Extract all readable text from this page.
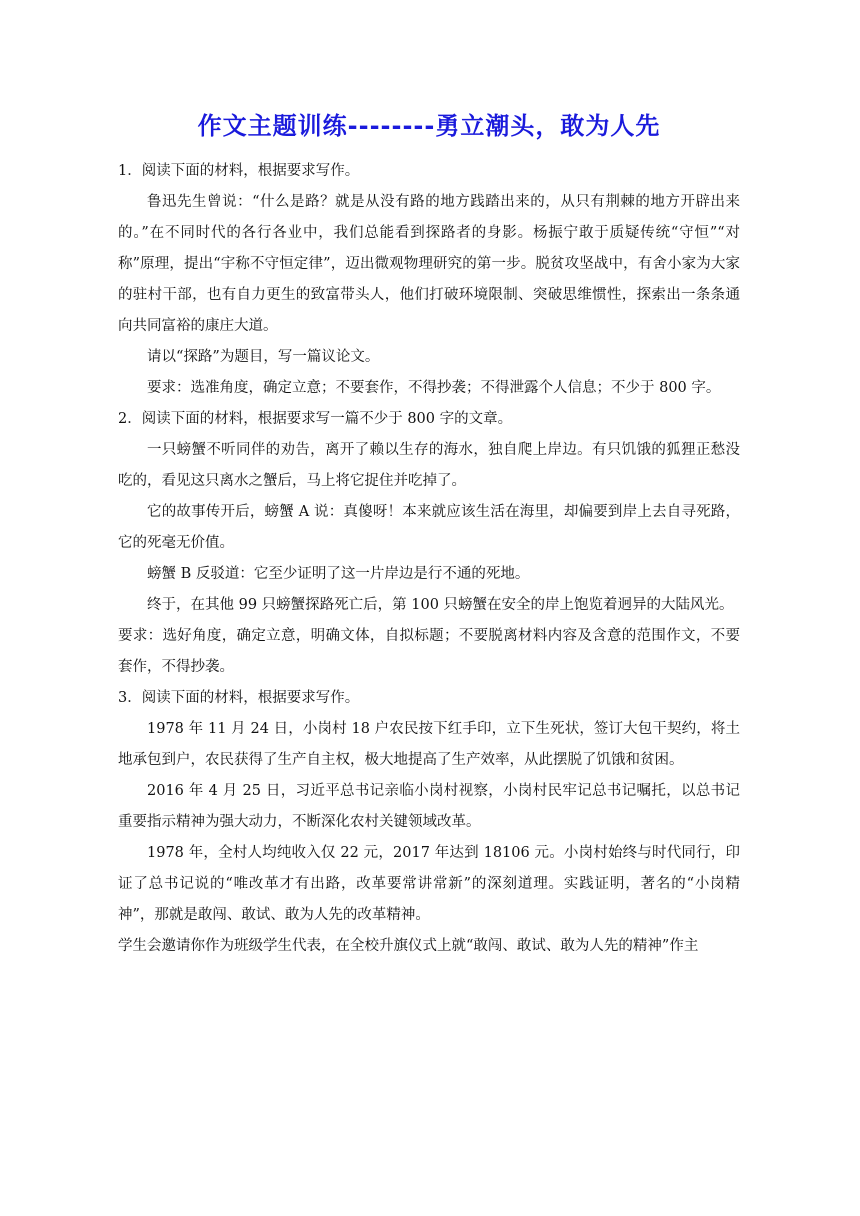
作文主题训练--------勇立潮头，敢为人先

1．阅读下面的材料，根据要求写作。

鲁迅先生曾说：“什么是路？就是从没有路的地方践踏出来的，从只有荆棘的地方开辟出来的。”在不同时代的各行各业中，我们总能看到探路者的身影。杨振宁敢于质疑传统“守恒”“对称”原理，提出“宇称不守恒定律”，迈出微观物理研究的第一步。脱贫攻坚战中，有舍小家为大家的驻村干部，也有自力更生的致富带头人，他们打破环境限制、突破思维惯性，探索出一条条通向共同富裕的康庄大道。

请以“探路”为题目，写一篇议论文。

要求：选准角度，确定立意；不要套作，不得抄袭；不得泄露个人信息；不少于 800 字。

2．阅读下面的材料，根据要求写一篇不少于 800 字的文章。

一只螃蟹不听同伴的劝告，离开了赖以生存的海水，独自爬上岸边。有只饥饿的狐狸正愁没吃的，看见这只离水之蟹后，马上将它捉住并吃掉了。

它的故事传开后，螃蟹 A 说：真傻呀！本来就应该生活在海里，却偏要到岸上去自寻死路，它的死毫无价值。

螃蟹 B 反驳道：它至少证明了这一片岸边是行不通的死地。

终于，在其他 99 只螃蟹探路死亡后，第 100 只螃蟹在安全的岸上饱览着迥异的大陆风光。

要求：选好角度，确定立意，明确文体，自拟标题；不要脱离材料内容及含意的范围作文，不要套作，不得抄袭。

3．阅读下面的材料，根据要求写作。

1978 年 11 月 24 日，小岗村 18 户农民按下红手印，立下生死状，签订大包干契约，将土地承包到户，农民获得了生产自主权，极大地提高了生产效率，从此摆脱了饥饿和贫困。

2016 年 4 月 25 日，习近平总书记亲临小岗村视察，小岗村民牢记总书记嘱托，以总书记重要指示精神为强大动力，不断深化农村关键领域改革。

1978 年，全村人均纯收入仅 22 元，2017 年达到 18106 元。小岗村始终与时代同行，印证了总书记说的“唯改革才有出路，改革要常讲常新”的深刻道理。实践证明，著名的“小岗精神”，那就是敢闯、敢试、敢为人先的改革精神。

学生会邀请你作为班级学生代表，在全校升旗仪式上就“敢闯、敢试、敢为人先的精神”作主
